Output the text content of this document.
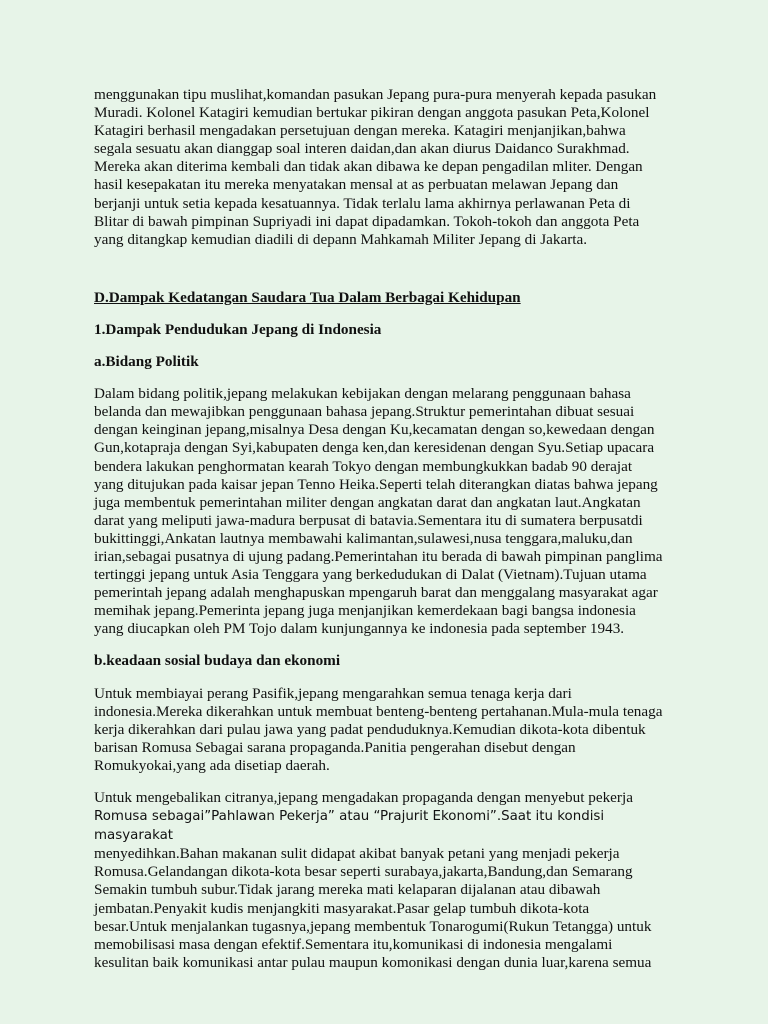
menggunakan tipu muslihat,komandan pasukan Jepang pura-pura menyerah kepada pasukan
Muradi. Kolonel Katagiri kemudian bertukar pikiran dengan anggota pasukan Peta,Kolonel
Katagiri berhasil mengadakan persetujuan dengan mereka. Katagiri menjanjikan,bahwa
segala sesuatu akan dianggap soal interen daidan,dan akan diurus Daidanco Surakhmad.
Mereka akan diterima kembali dan tidak akan dibawa ke depan pengadilan mliter. Dengan
hasil kesepakatan itu mereka menyatakan mensal at as perbuatan melawan Jepang dan
berjanji untuk setia kepada kesatuannya. Tidak terlalu lama akhirnya perlawanan Peta di
Blitar di bawah pimpinan Supriyadi ini dapat dipadamkan. Tokoh-tokoh dan anggota Peta
yang ditangkap kemudian diadili di depann Mahkamah Militer Jepang di Jakarta.

D.Dampak Kedatangan Saudara Tua Dalam Berbagai Kehidupan

1.Dampak Pendudukan Jepang di Indonesia

a.Bidang Politik

Dalam bidang politik,jepang melakukan kebijakan dengan melarang penggunaan bahasa
belanda dan mewajibkan penggunaan bahasa jepang.Struktur pemerintahan dibuat sesuai
dengan keinginan jepang,misalnya Desa dengan Ku,kecamatan dengan so,kewedaan dengan
Gun,kotapraja dengan Syi,kabupaten denga ken,dan keresidenan dengan Syu.Setiap upacara
bendera lakukan penghormatan kearah Tokyo dengan membungkukkan badab 90 derajat
yang ditujukan pada kaisar jepan Tenno Heika.Seperti telah diterangkan diatas bahwa jepang
juga membentuk pemerintahan militer dengan angkatan darat dan angkatan laut.Angkatan
darat yang meliputi jawa-madura berpusat di batavia.Sementara itu di sumatera berpusatdi
bukittinggi,Ankatan lautnya membawahi kalimantan,sulawesi,nusa tenggara,maluku,dan
irian,sebagai pusatnya di ujung padang.Pemerintahan itu berada di bawah pimpinan panglima
tertinggi jepang untuk Asia Tenggara yang berkedudukan di Dalat (Vietnam).Tujuan utama
pemerintah jepang adalah menghapuskan mpengaruh barat dan menggalang masyarakat agar
memihak jepang.Pemerinta jepang juga menjanjikan kemerdekaan bagi bangsa indonesia
yang diucapkan oleh PM Tojo dalam kunjungannya ke indonesia pada september 1943.

b.keadaan sosial budaya dan ekonomi

Untuk membiayai perang Pasifik,jepang mengarahkan semua tenaga kerja dari
indonesia.Mereka dikerahkan untuk membuat benteng-benteng pertahanan.Mula-mula tenaga
kerja dikerahkan dari pulau jawa yang padat penduduknya.Kemudian dikota-kota dibentuk
barisan Romusa Sebagai sarana propaganda.Panitia pengerahan disebut dengan
Romukyokai,yang ada disetiap daerah.

Untuk mengebalikan citranya,jepang mengadakan propaganda dengan menyebut pekerja
Romusa sebagai”Pahlawan Pekerja” atau “Prajurit Ekonomi”.Saat itu kondisi masyarakat
menyedihkan.Bahan makanan sulit didapat akibat banyak petani yang menjadi pekerja
Romusa.Gelandangan dikota-kota besar seperti surabaya,jakarta,Bandung,dan Semarang
Semakin tumbuh subur.Tidak jarang mereka mati kelaparan dijalanan atau dibawah
jembatan.Penyakit kudis menjangkiti masyarakat.Pasar gelap tumbuh dikota-kota
besar.Untuk menjalankan tugasnya,jepang membentuk Tonarogumi(Rukun Tetangga) untuk
memobilisasi masa dengan efektif.Sementara itu,komunikasi di indonesia mengalami
kesulitan baik komunikasi antar pulau maupun komonikasi dengan dunia luar,karena semua
